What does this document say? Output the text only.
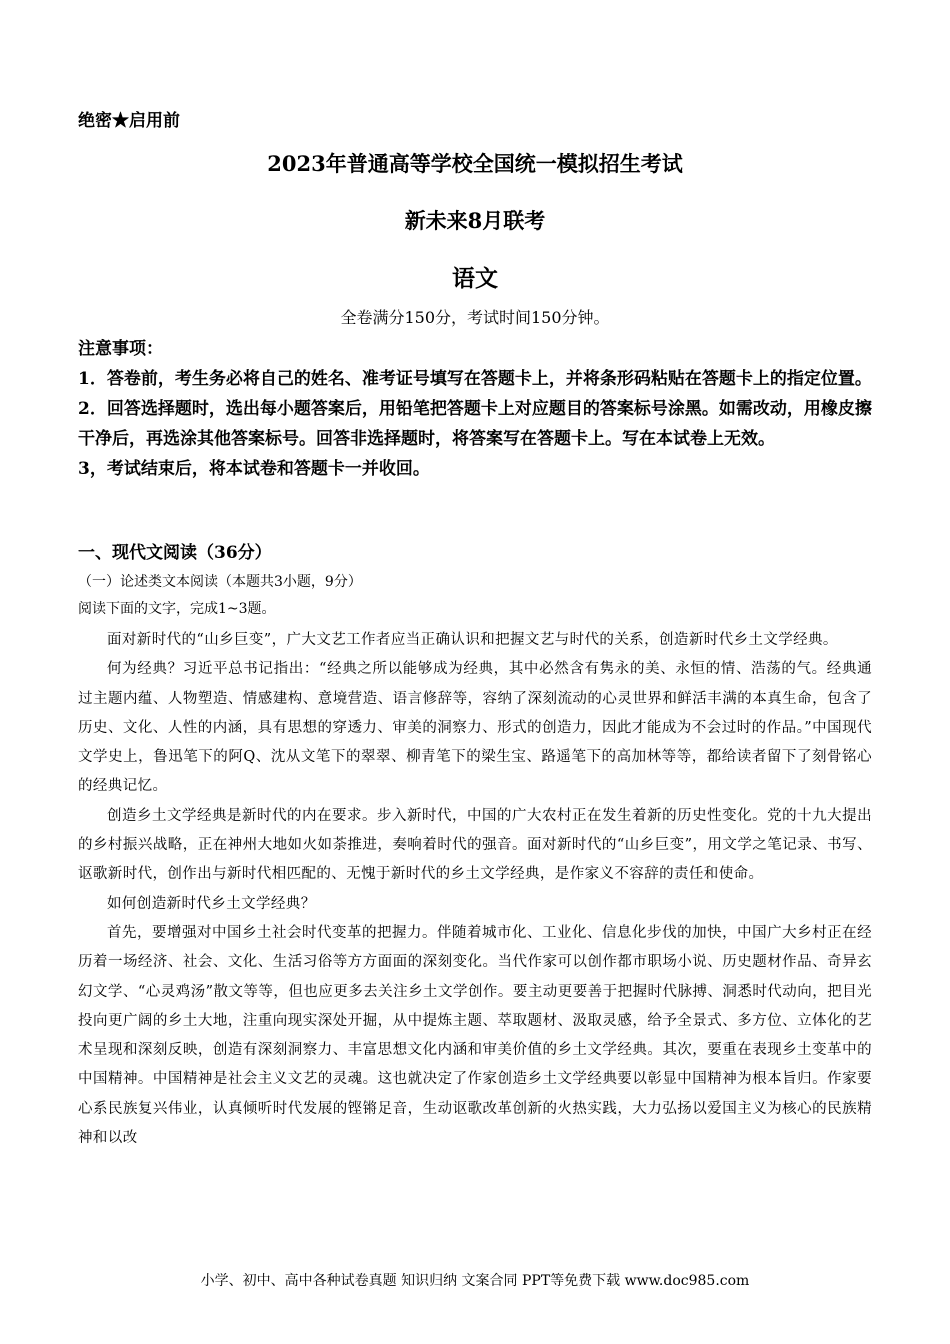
绝密★启用前
2023年普通高等学校全国统一模拟招生考试
新未来8月联考
语文
全卷满分150分，考试时间150分钟。

注意事项：

1．答卷前，考生务必将自己的姓名、准考证号填写在答题卡上，并将条形码粘贴在答题卡上的指定位置。

2．回答选择题时，选出每小题答案后，用铅笔把答题卡上对应题目的答案标号涂黑。如需改动，用橡皮擦干净后，再选涂其他答案标号。回答非选择题时，将答案写在答题卡上。写在本试卷上无效。

3，考试结束后，将本试卷和答题卡一并收回。

一、现代文阅读（36分）
（一）论述类文本阅读（本题共3小题，9分）
阅读下面的文字，完成1~3题。

面对新时代的“山乡巨变”，广大文艺工作者应当正确认识和把握文艺与时代的关系，创造新时代乡土文学经典。

何为经典？习近平总书记指出：“经典之所以能够成为经典，其中必然含有隽永的美、永恒的情、浩荡的气。经典通过主题内蕴、人物塑造、情感建构、意境营造、语言修辞等，容纳了深刻流动的心灵世界和鲜活丰满的本真生命，包含了历史、文化、人性的内涵，具有思想的穿透力、审美的洞察力、形式的创造力，因此才能成为不会过时的作品。”中国现代文学史上，鲁迅笔下的阿Q、沈从文笔下的翠翠、柳青笔下的梁生宝、路遥笔下的高加林等等，都给读者留下了刻骨铭心的经典记忆。

创造乡土文学经典是新时代的内在要求。步入新时代，中国的广大农村正在发生着新的历史性变化。党的十九大提出的乡村振兴战略，正在神州大地如火如荼推进，奏响着时代的强音。面对新时代的“山乡巨变”，用文学之笔记录、书写、讴歌新时代，创作出与新时代相匹配的、无愧于新时代的乡土文学经典，是作家义不容辞的责任和使命。

如何创造新时代乡土文学经典？

首先，要增强对中国乡土社会时代变革的把握力。伴随着城市化、工业化、信息化步伐的加快，中国广大乡村正在经历着一场经济、社会、文化、生活习俗等方方面面的深刻变化。当代作家可以创作都市职场小说、历史题材作品、奇异玄幻文学、“心灵鸡汤”散文等等，但也应更多去关注乡土文学创作。要主动更要善于把握时代脉搏、洞悉时代动向，把目光投向更广阔的乡土大地，注重向现实深处开掘，从中提炼主题、萃取题材、汲取灵感，给予全景式、多方位、立体化的艺术呈现和深刻反映，创造有深刻洞察力、丰富思想文化内涵和审美价值的乡土文学经典。其次，要重在表现乡土变革中的中国精神。中国精神是社会主义文艺的灵魂。这也就决定了作家创造乡土文学经典要以彰显中国精神为根本旨归。作家要心系民族复兴伟业，认真倾听时代发展的铿锵足音，生动讴歌改革创新的火热实践，大力弘扬以爱国主义为核心的民族精神和以改

小学、初中、高中各种试卷真题 知识归纳 文案合同 PPT等免费下载 www.doc985.com
